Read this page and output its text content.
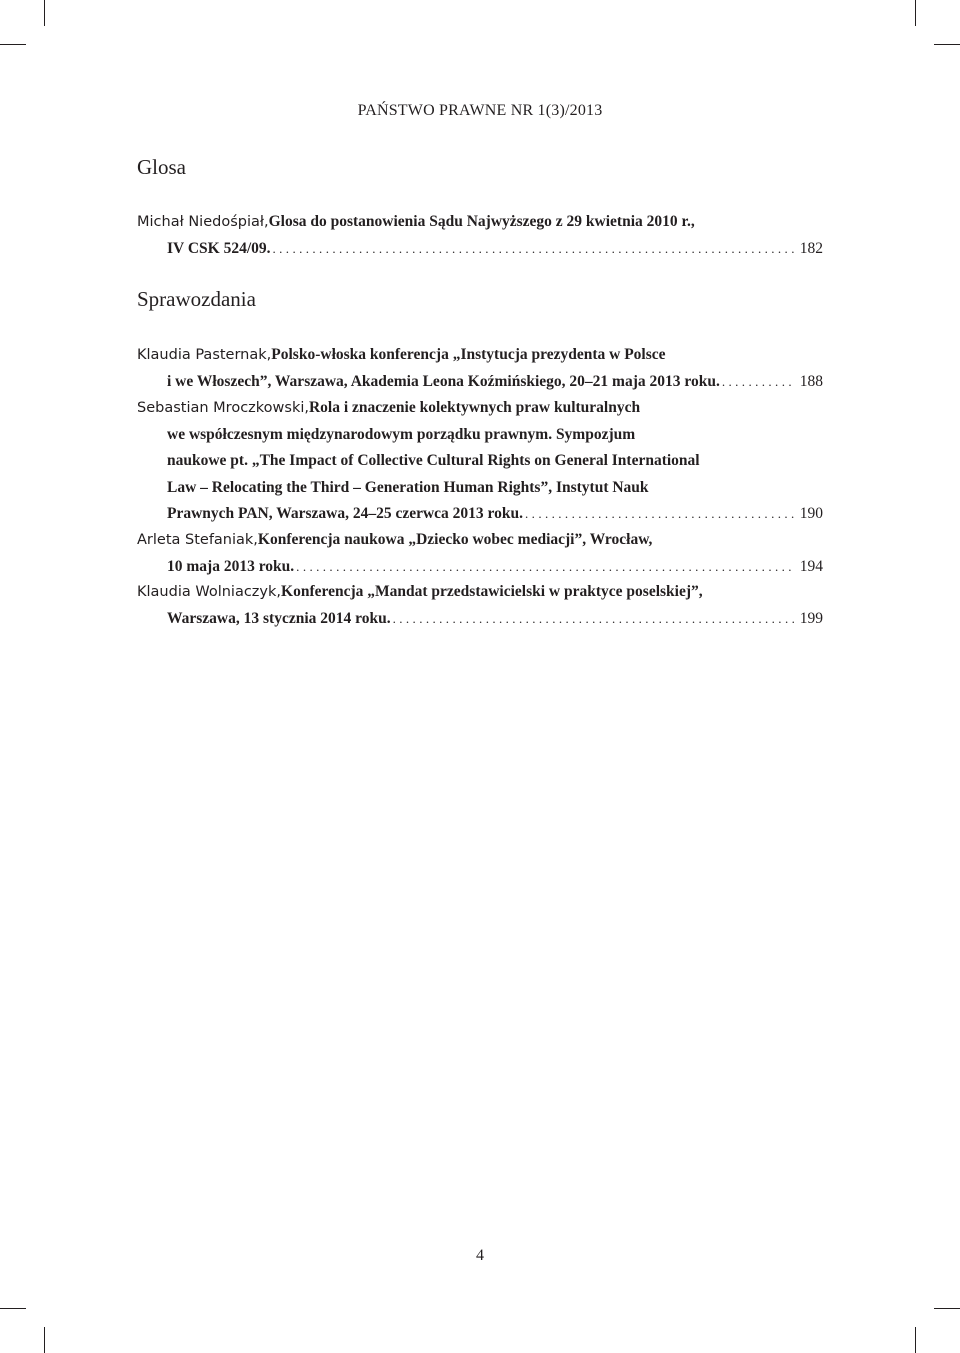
PAŃSTWO PRAWNE NR 1(3)/2013
Glosa
Michał Niedośpiał, Glosa do postanowienia Sądu Najwyższego z 29 kwietnia 2010 r.,
IV CSK 524/09. .....	182
Sprawozdania
Klaudia Pasternak, Polsko-włoska konferencja „Instytucja prezydenta w Polsce
i we Włoszech”, Warszawa, Akademia Leona Koźmińskiego, 20–21 maja 2013 roku. .....	188
Sebastian Mroczkowski, Rola i znaczenie kolektywnych praw kulturalnych
we współczesnym międzynarodowym porządku prawnym. Sympozjum
naukowe pt. „The Impact of Collective Cultural Rights on General International
Law – Relocating the Third – Generation Human Rights”, Instytut Nauk
Prawnych PAN, Warszawa, 24–25 czerwca 2013 roku. .....	190
Arleta Stefaniak, Konferencja naukowa „Dziecko wobec mediacji”, Wrocław,
10 maja 2013 roku. .....	194
Klaudia Wolniaczyk, Konferencja „Mandat przedstawicielski w praktyce poselskiej”,
Warszawa, 13 stycznia 2014 roku. .....	199
4
